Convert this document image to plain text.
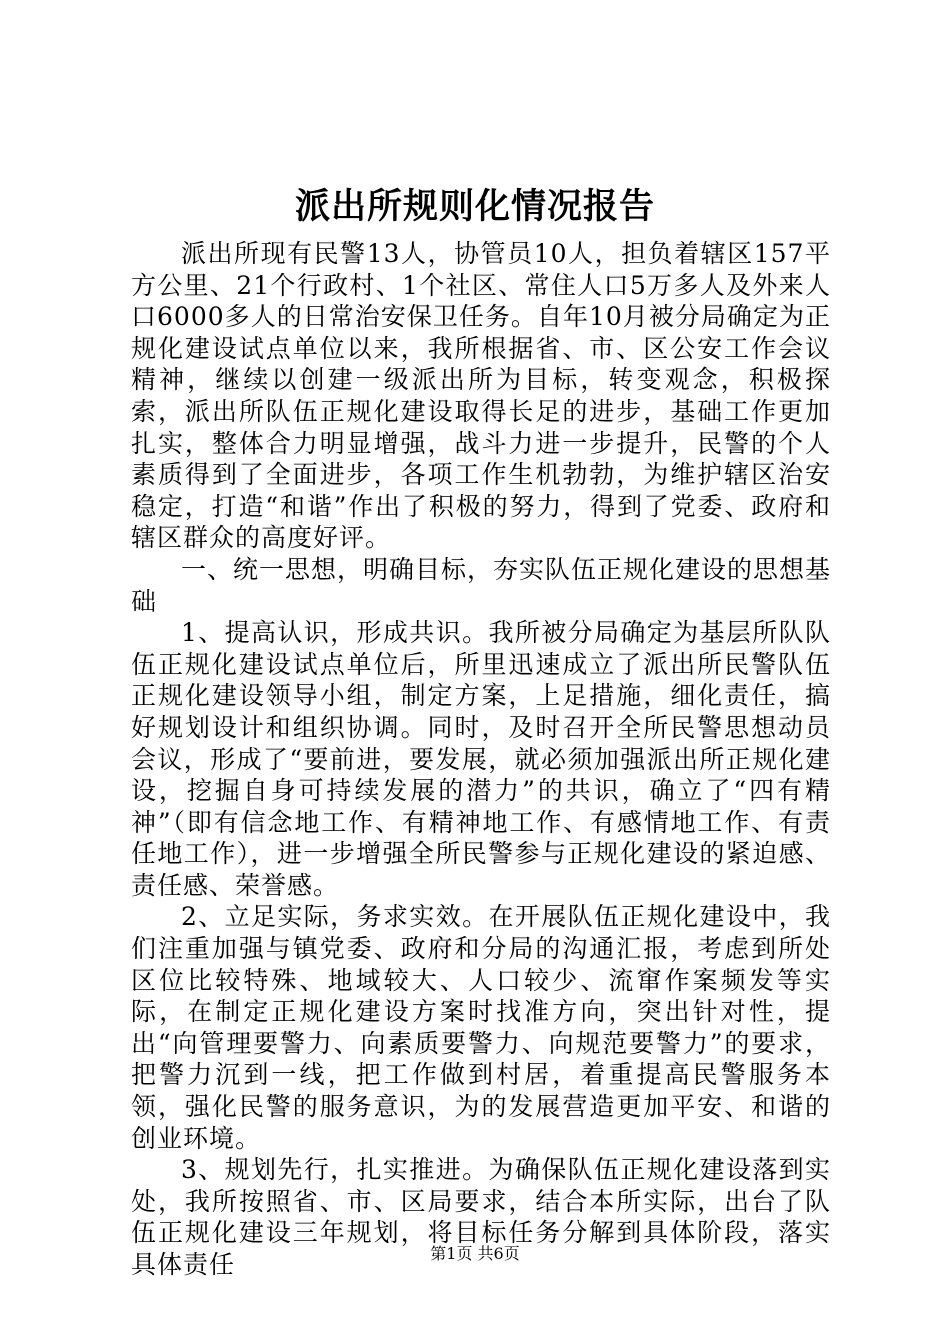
派出所规则化情况报告

派出所现有民警13人，协管员10人，担负着辖区157平方公里、21个行政村、1个社区、常住人口5万多人及外来人口6000多人的日常治安保卫任务。自年10月被分局确定为正规化建设试点单位以来，我所根据省、市、区公安工作会议精神，继续以创建一级派出所为目标，转变观念，积极探索，派出所队伍正规化建设取得长足的进步，基础工作更加扎实，整体合力明显增强，战斗力进一步提升，民警的个人素质得到了全面进步，各项工作生机勃勃，为维护辖区治安稳定，打造“和谐”作出了积极的努力，得到了党委、政府和辖区群众的高度好评。

一、统一思想，明确目标，夯实队伍正规化建设的思想基础

1、提高认识，形成共识。我所被分局确定为基层所队队伍正规化建设试点单位后，所里迅速成立了派出所民警队伍正规化建设领导小组，制定方案，上足措施，细化责任，搞好规划设计和组织协调。同时，及时召开全所民警思想动员会议，形成了“要前进，要发展，就必须加强派出所正规化建设，挖掘自身可持续发展的潜力”的共识，确立了“四有精神”（即有信念地工作、有精神地工作、有感情地工作、有责任地工作），进一步增强全所民警参与正规化建设的紧迫感、责任感、荣誉感。

2、立足实际，务求实效。在开展队伍正规化建设中，我们注重加强与镇党委、政府和分局的沟通汇报，考虑到所处区位比较特殊、地域较大、人口较少、流窜作案频发等实际，在制定正规化建设方案时找准方向，突出针对性，提出“向管理要警力、向素质要警力、向规范要警力”的要求，把警力沉到一线，把工作做到村居，着重提高民警服务本领，强化民警的服务意识，为的发展营造更加平安、和谐的创业环境。

3、规划先行，扎实推进。为确保队伍正规化建设落到实处，我所按照省、市、区局要求，结合本所实际，出台了队伍正规化建设三年规划，将目标任务分解到具体阶段，落实具体责任	第1页 共6页
